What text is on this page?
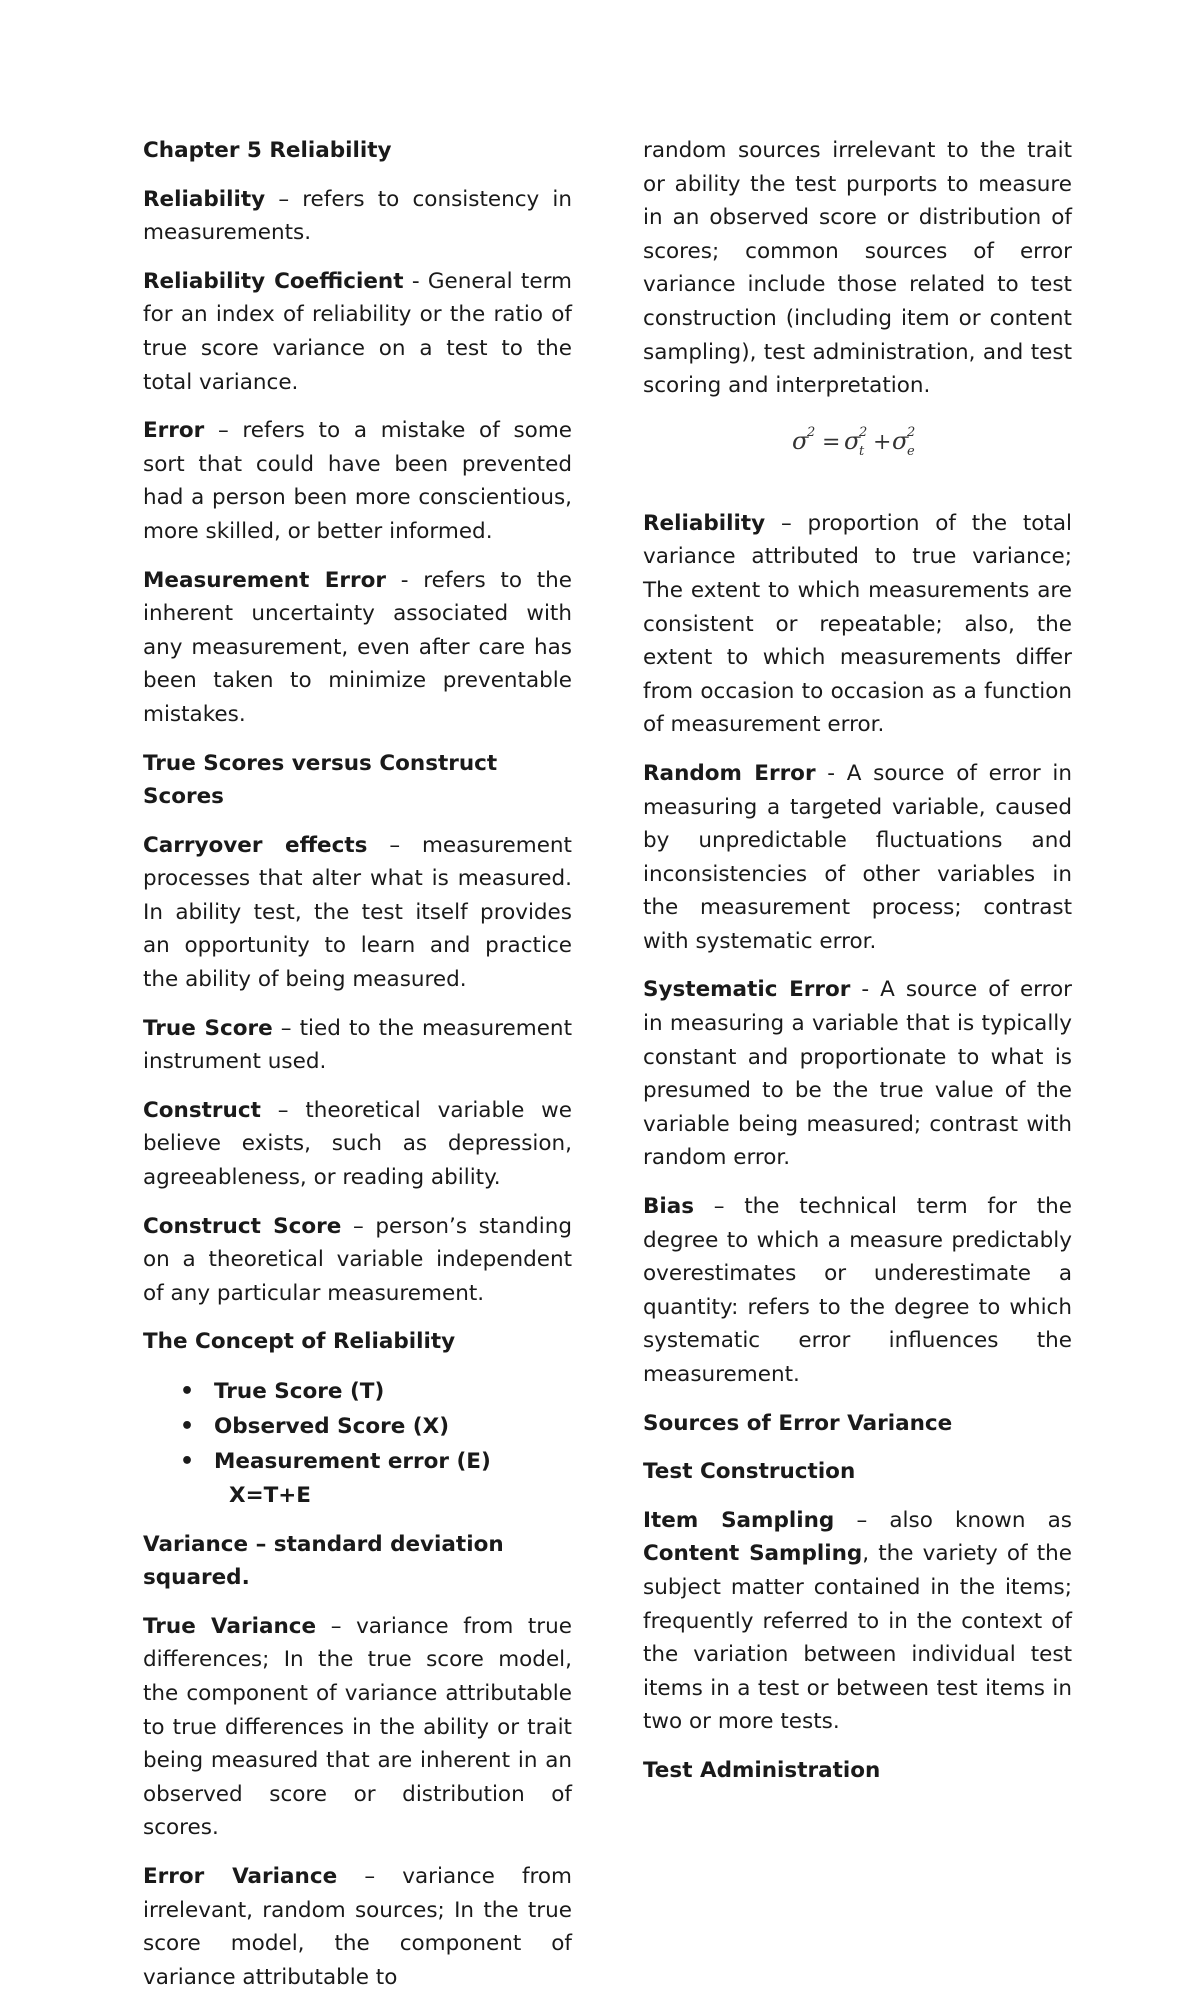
Chapter 5 Reliability

Reliability – refers to consistency in measurements.

Reliability Coefficient - General term for an index of reliability or the ratio of true score variance on a test to the total variance.

Error – refers to a mistake of some sort that could have been prevented had a person been more conscientious, more skilled, or better informed.

Measurement Error - refers to the inherent uncertainty associated with any measurement, even after care has been taken to minimize preventable mistakes.

True Scores versus Construct Scores

Carryover effects – measurement processes that alter what is measured. In ability test, the test itself provides an opportunity to learn and practice the ability of being measured.

True Score – tied to the measurement instrument used.

Construct – theoretical variable we believe exists, such as depression, agreeableness, or reading ability.

Construct Score – person’s standing on a theoretical variable independent of any particular measurement.

The Concept of Reliability

• True Score (T)
• Observed Score (X)
• Measurement error (E)
X=T+E

Variance – standard deviation squared.

True Variance – variance from true differences; In the true score model, the component of variance attributable to true differences in the ability or trait being measured that are inherent in an observed score or distribution of scores.

Error Variance – variance from irrelevant, random sources; In the true score model, the component of variance attributable to

random sources irrelevant to the trait or ability the test purports to measure in an observed score or distribution of scores; common sources of error variance include those related to test construction (including item or content sampling), test administration, and test scoring and interpretation.

σ
2 = σ
2
t + σ
2
e

Reliability – proportion of the total variance attributed to true variance; The extent to which measurements are consistent or repeatable; also, the extent to which measurements differ from occasion to occasion as a function of measurement error.

Random Error - A source of error in measuring a targeted variable, caused by unpredictable fluctuations and inconsistencies of other variables in the measurement process; contrast with systematic error.

Systematic Error - A source of error in measuring a variable that is typically constant and proportionate to what is presumed to be the true value of the variable being measured; contrast with random error.

Bias – the technical term for the degree to which a measure predictably overestimates or underestimate a quantity: refers to the degree to which systematic error influences the measurement.

Sources of Error Variance

Test Construction

Item Sampling – also known as Content Sampling, the variety of the subject matter contained in the items; frequently referred to in the context of the variation between individual test items in a test or between test items in two or more tests.

Test Administration
